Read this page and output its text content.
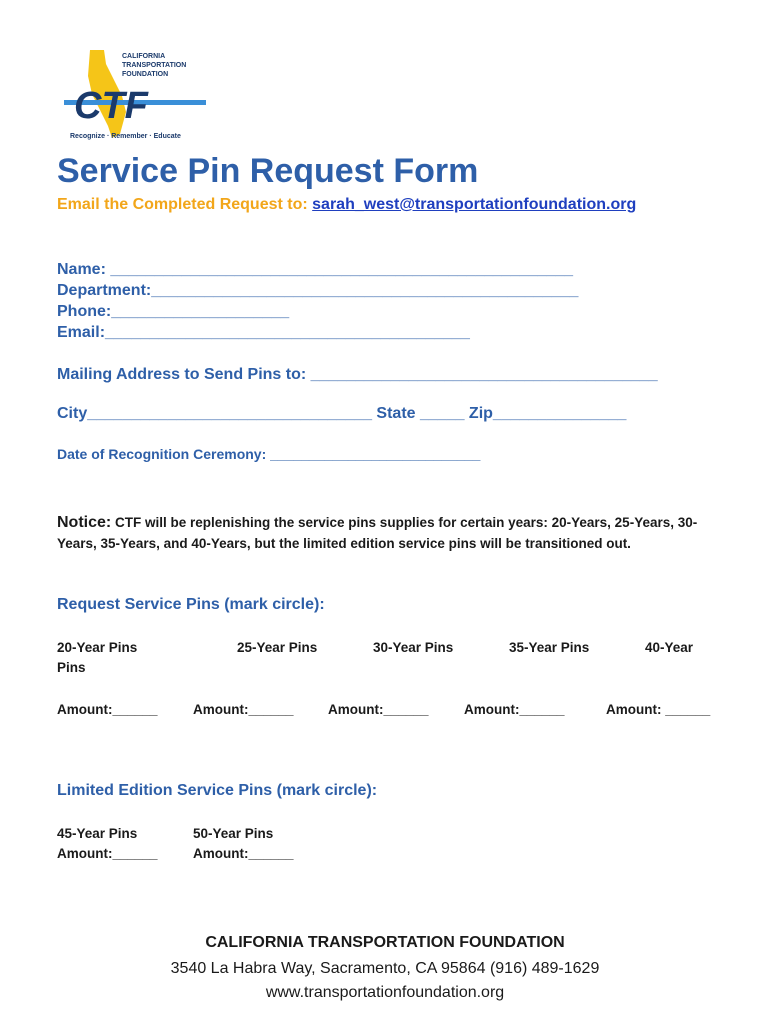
CALIFORNIA
TRANSPORTATION
FOUNDATION
CTF
Recognize · Remember · Educate
Service Pin Request Form
Email the Completed Request to: sarah_west@transportationfoundation.org
Name: ____________________________________________________
Department:________________________________________________
Phone:____________________
Email:_________________________________________
Mailing Address to Send Pins to: _______________________________________
City________________________________ State _____ Zip_______________
Date of Recognition Ceremony: ___________________________
Notice: CTF will be replenishing the service pins supplies for certain years: 20-Years, 25-Years, 30-Years, 35-Years, and 40-Years, but the limited edition service pins will be transitioned out.
Request Service Pins (mark circle):
20-Year Pins	25-Year Pins	30-Year Pins	35-Year Pins	40-Year
Pins
Amount:______	Amount:______	Amount:______	Amount:______	Amount: ______
Limited Edition Service Pins (mark circle):
45-Year Pins	50-Year Pins
Amount:______	Amount:______
CALIFORNIA TRANSPORTATION FOUNDATION
3540 La Habra Way, Sacramento, CA 95864 (916) 489-1629
www.transportationfoundation.org
